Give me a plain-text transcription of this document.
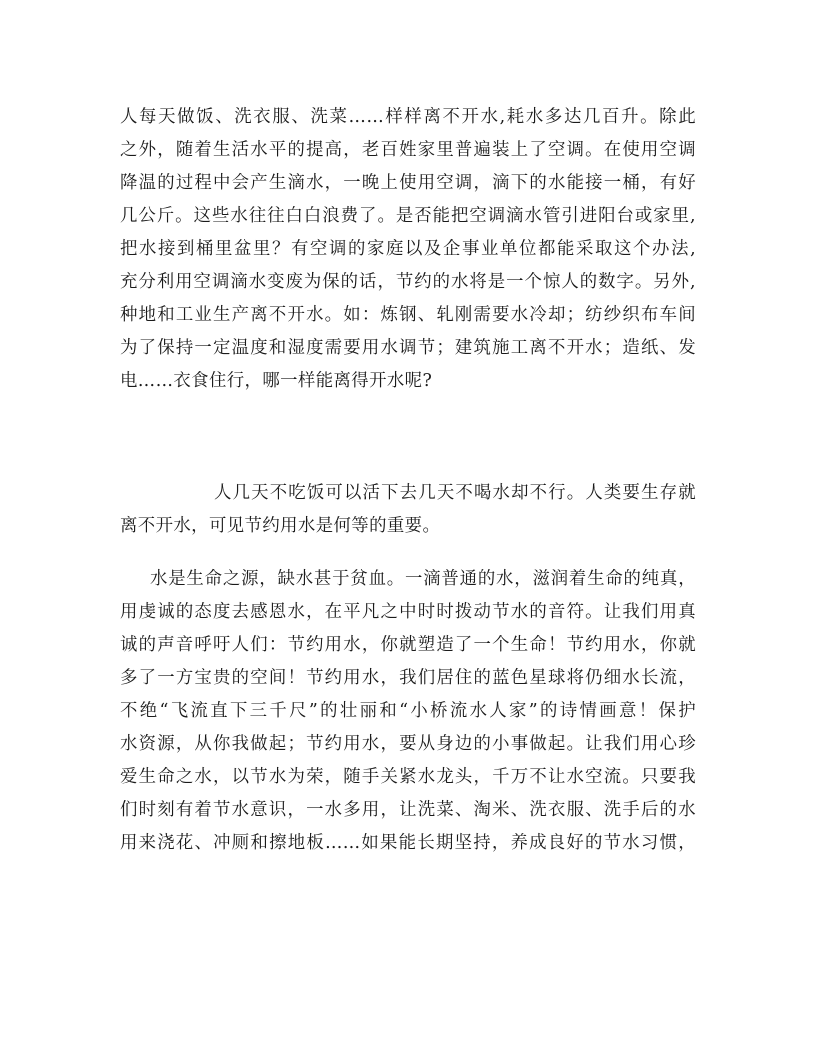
人每天做饭、洗衣服、洗菜……样样离不开水,耗水多达几百升。除此
之外，随着生活水平的提高，老百姓家里普遍装上了空调。在使用空调
降温的过程中会产生滴水，一晚上使用空调，滴下的水能接一桶，有好
几公斤。这些水往往白白浪费了。是否能把空调滴水管引进阳台或家里,
把水接到桶里盆里？有空调的家庭以及企事业单位都能采取这个办法,
充分利用空调滴水变废为保的话，节约的水将是一个惊人的数字。另外,
种地和工业生产离不开水。如：炼钢、轧刚需要水冷却；纺纱织布车间
为了保持一定温度和湿度需要用水调节；建筑施工离不开水；造纸、发
电……衣食住行，哪一样能离得开水呢?
人几天不吃饭可以活下去几天不喝水却不行。人类要生存就
离不开水，可见节约用水是何等的重要。
水是生命之源，缺水甚于贫血。一滴普通的水，滋润着生命的纯真，
用虔诚的态度去感恩水，在平凡之中时时拨动节水的音符。让我们用真
诚的声音呼吁人们：节约用水，你就塑造了一个生命！节约用水，你就
多了一方宝贵的空间！节约用水，我们居住的蓝色星球将仍细水长流，
不绝“飞流直下三千尺”的壮丽和“小桥流水人家”的诗情画意！保护
水资源，从你我做起；节约用水，要从身边的小事做起。让我们用心珍
爱生命之水，以节水为荣，随手关紧水龙头，千万不让水空流。只要我
们时刻有着节水意识，一水多用，让洗菜、淘米、洗衣服、洗手后的水
用来浇花、冲厕和擦地板……如果能长期坚持，养成良好的节水习惯，
